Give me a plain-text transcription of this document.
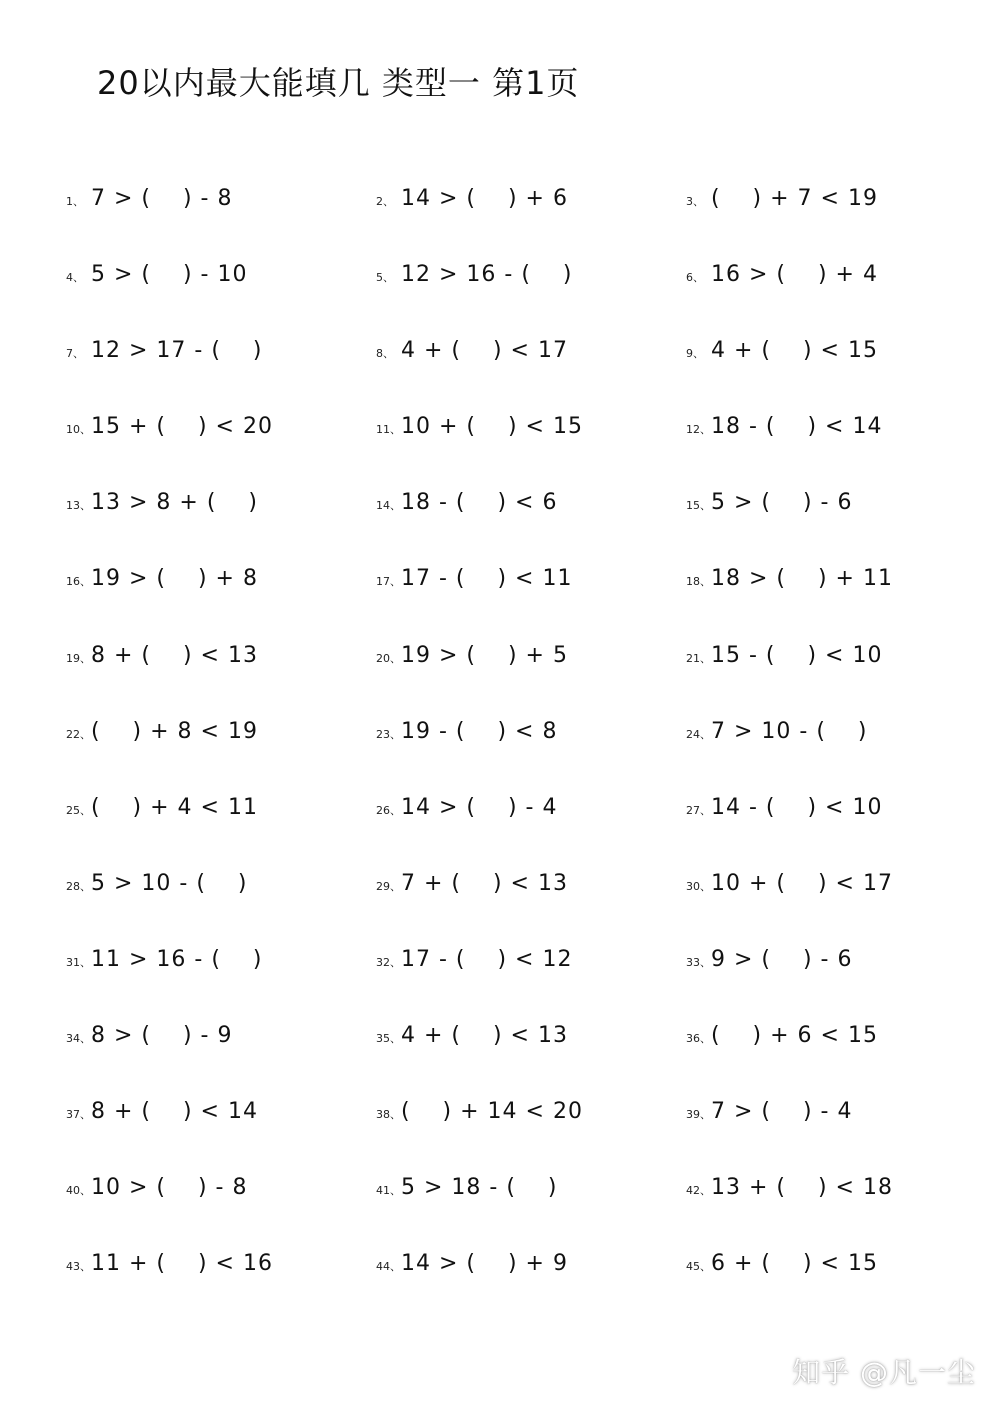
20以内最大能填几 类型一 第1页
1、 7 > (    ) - 8	2、 14 > (    ) + 6	3、 (    ) + 7 < 19
4、 5 > (    ) - 10	5、 12 > 16 - (    )	6、 16 > (    ) + 4
7、 12 > 17 - (    )	8、 4 + (    ) < 17	9、 4 + (    ) < 15
10、 15 + (    ) < 20	11、 10 + (    ) < 15	12、 18 - (    ) < 14
13、 13 > 8 + (    )	14、 18 - (    ) < 6	15、 5 > (    ) - 6
16、 19 > (    ) + 8	17、 17 - (    ) < 11	18、 18 > (    ) + 11
19、 8 + (    ) < 13	20、 19 > (    ) + 5	21、 15 - (    ) < 10
22、 (    ) + 8 < 19	23、 19 - (    ) < 8	24、 7 > 10 - (    )
25、 (    ) + 4 < 11	26、 14 > (    ) - 4	27、 14 - (    ) < 10
28、 5 > 10 - (    )	29、 7 + (    ) < 13	30、 10 + (    ) < 17
31、 11 > 16 - (    )	32、 17 - (    ) < 12	33、 9 > (    ) - 6
34、 8 > (    ) - 9	35、 4 + (    ) < 13	36、 (    ) + 6 < 15
37、 8 + (    ) < 14	38、 (    ) + 14 < 20	39、 7 > (    ) - 4
40、 10 > (    ) - 8	41、 5 > 18 - (    )	42、 13 + (    ) < 18
43、 11 + (    ) < 16	44、 14 > (    ) + 9	45、 6 + (    ) < 15
知乎 @凡一尘
